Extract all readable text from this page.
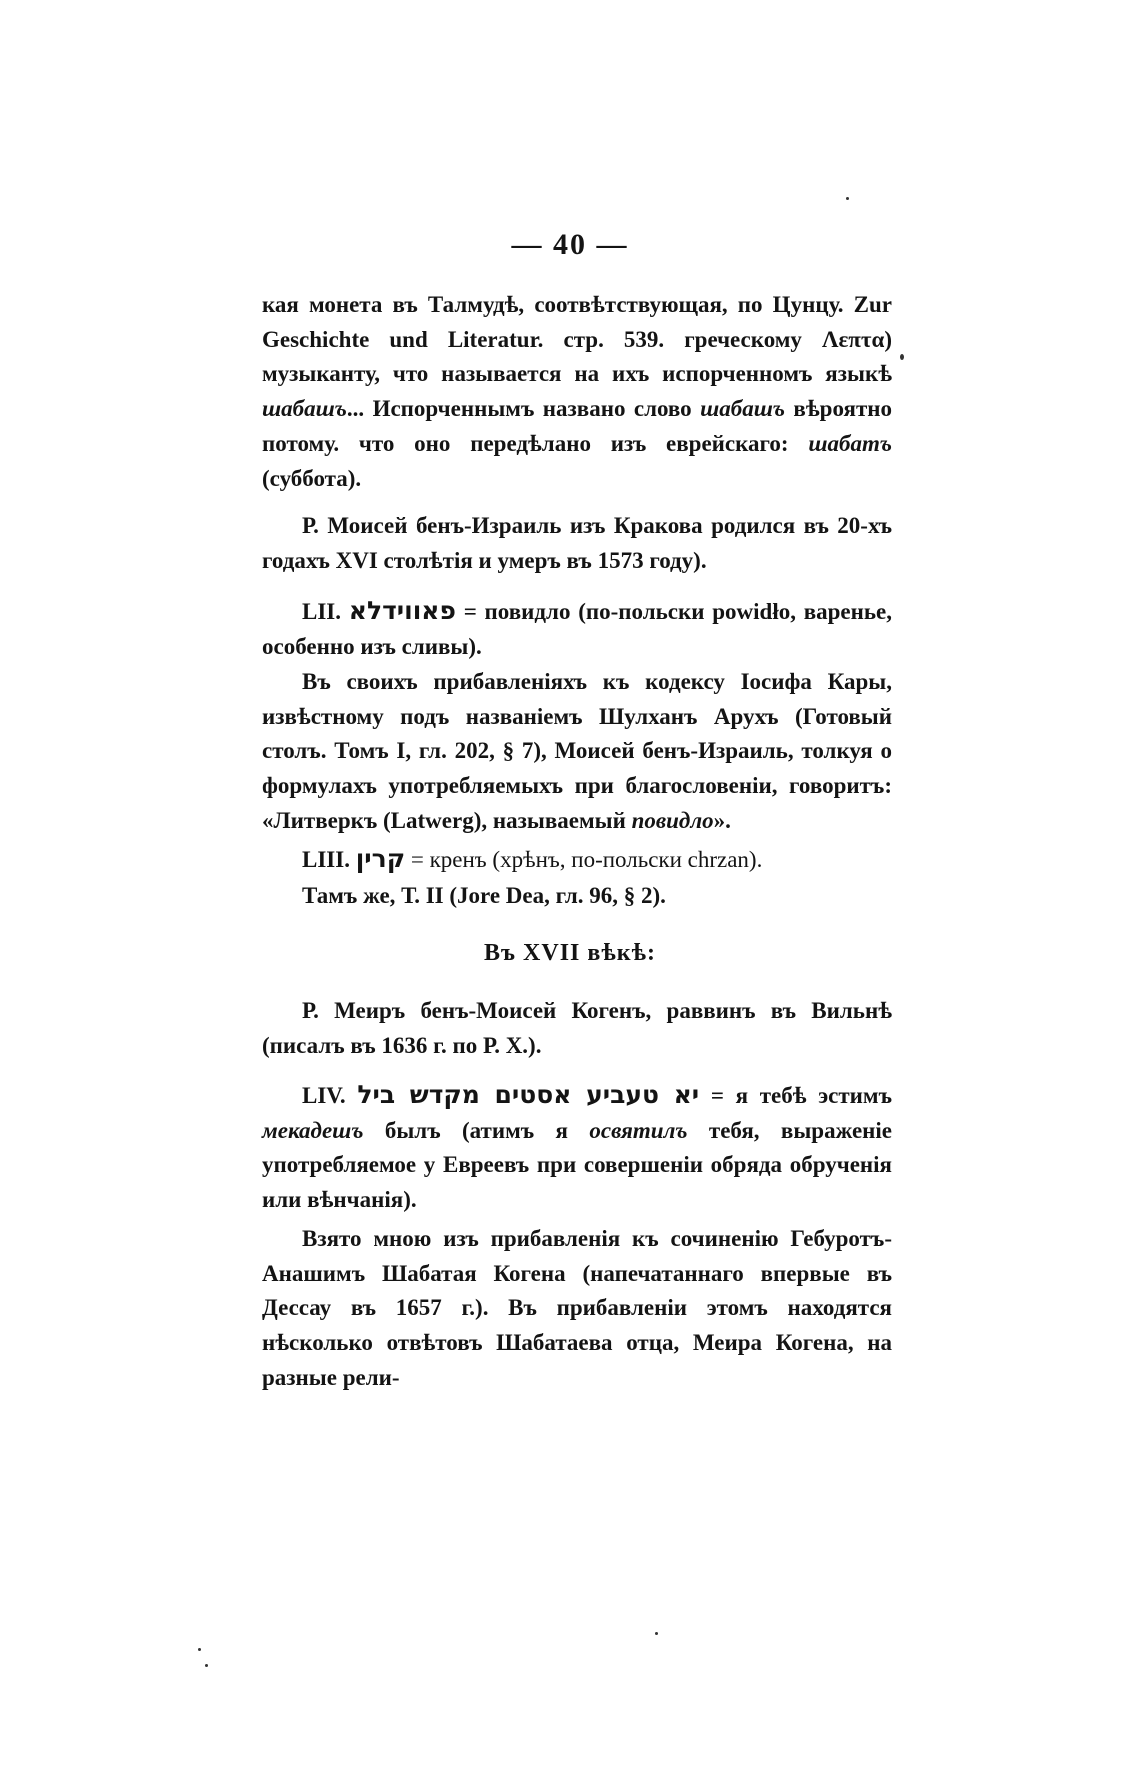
— 40 —

кая монета въ Талмудѣ, соотвѣтствующая, по Цунцу. Zur Geschichte und Literatur. стр. 539. греческому Λεπτα) музыканту, что называется на ихъ испорченномъ языкѣ шабашъ... Испорченнымъ названо слово шабашъ вѣроятно потому. что оно передѣлано изъ еврейскаго: шабатъ (суббота).

Р. Моисей бенъ-Израиль изъ Кракова родился въ 20-хъ годахъ XVI столѣтія и умеръ въ 1573 году).

LII. פאווידלא = повидло (по-польски powidło, варенье, особенно изъ сливы).

Въ своихъ прибавленіяхъ къ кодексу Іосифа Кары, извѣстному подъ названіемъ Шулханъ Арухъ (Готовый столъ. Томъ I, гл. 202, § 7), Моисей бенъ-Израиль, толкуя о формулахъ употребляемыхъ при благословеніи, говоритъ: «Литверкъ (Latwerg), называемый повидло».

LIII. קרין = кренъ (хрѣнъ, по-польски chrzan).

Тамъ же, Т. II (Jore Dea, гл. 96, § 2).

Въ XVII вѣкѣ:

Р. Меиръ бенъ-Моисей Когенъ, раввинъ въ Вильнѣ (писалъ въ 1636 г. по Р. Х.).

LIV. יא טעביע אסטים מקדש ביל = я тебѣ эстимъ мекадешъ былъ (атимъ я освятилъ тебя, выраженіе употребляемое у Евреевъ при совершеніи обряда обрученія или вѣнчанія).

Взято мною изъ прибавленія къ сочиненію Гебуротъ-Анашимъ Шабатая Когена (напечатаннаго впервые въ Дессау въ 1657 г.). Въ прибавленіи этомъ находятся нѣсколько отвѣтовъ Шабатаева отца, Меира Когена, на разные рели-
